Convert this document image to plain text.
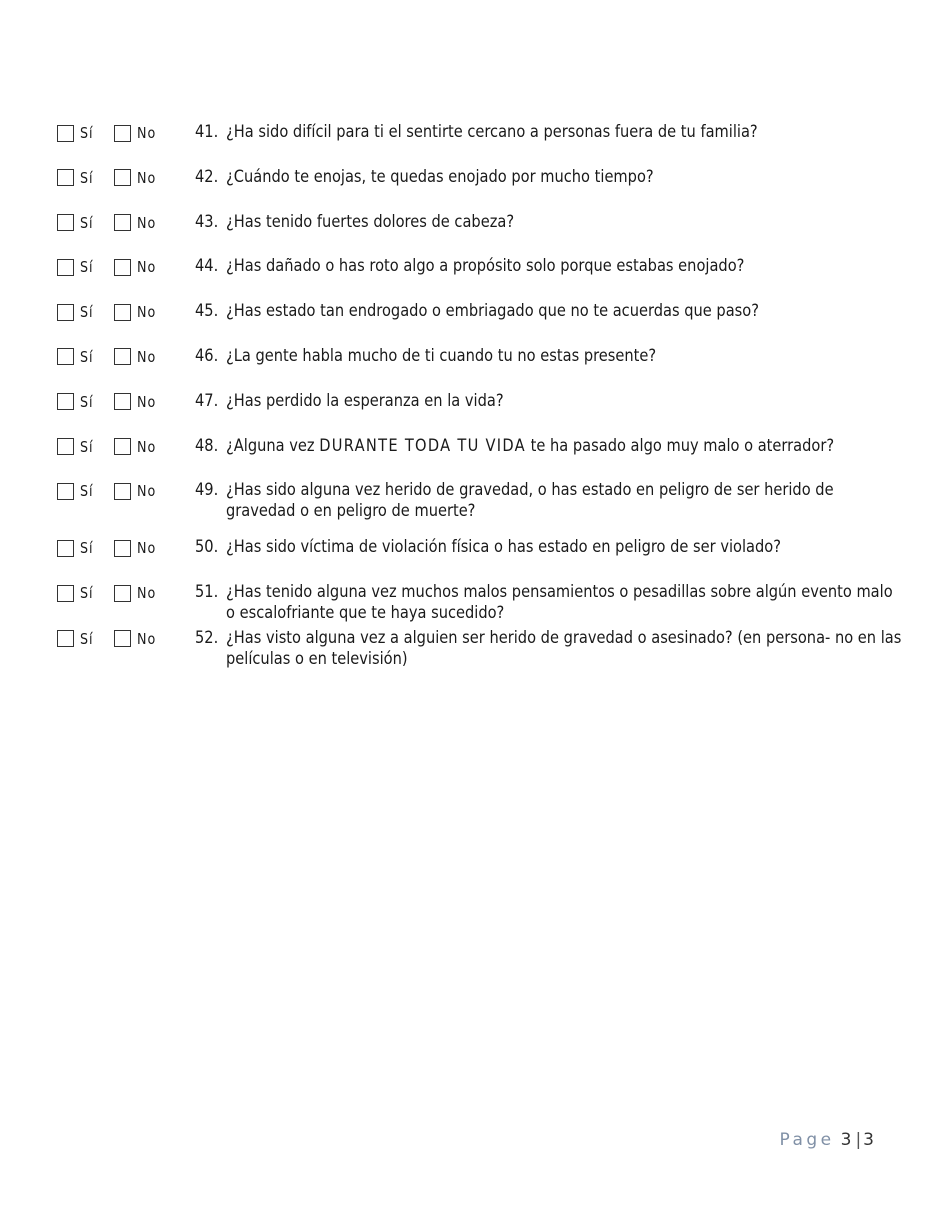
Sí	No 41. ¿Ha sido difícil para ti el sentirte cercano a personas fuera de tu familia?
Sí	No 42. ¿Cuándo te enojas, te quedas enojado por mucho tiempo?
Sí	No 43. ¿Has tenido fuertes dolores de cabeza?
Sí	No 44. ¿Has dañado o has roto algo a propósito solo porque estabas enojado?
Sí	No 45. ¿Has estado tan endrogado o embriagado que no te acuerdas que paso?
Sí	No 46. ¿La gente habla mucho de ti cuando tu no estas presente?
Sí	No 47. ¿Has perdido la esperanza en la vida?
Sí	No 48. ¿Alguna vez DURANTE TODA TU VIDA te ha pasado algo muy malo o aterrador?
Sí	No 49. ¿Has sido alguna vez herido de gravedad, o has estado en peligro de ser herido de gravedad o en peligro de muerte?
Sí	No 50. ¿Has sido víctima de violación física o has estado en peligro de ser violado?
Sí	No 51. ¿Has tenido alguna vez muchos malos pensamientos o pesadillas sobre algún evento malo o escalofriante que te haya sucedido?
Sí	No 52. ¿Has visto alguna vez a alguien ser herido de gravedad o asesinado? (en persona- no en las películas o en televisión)
Page 3 | 3
